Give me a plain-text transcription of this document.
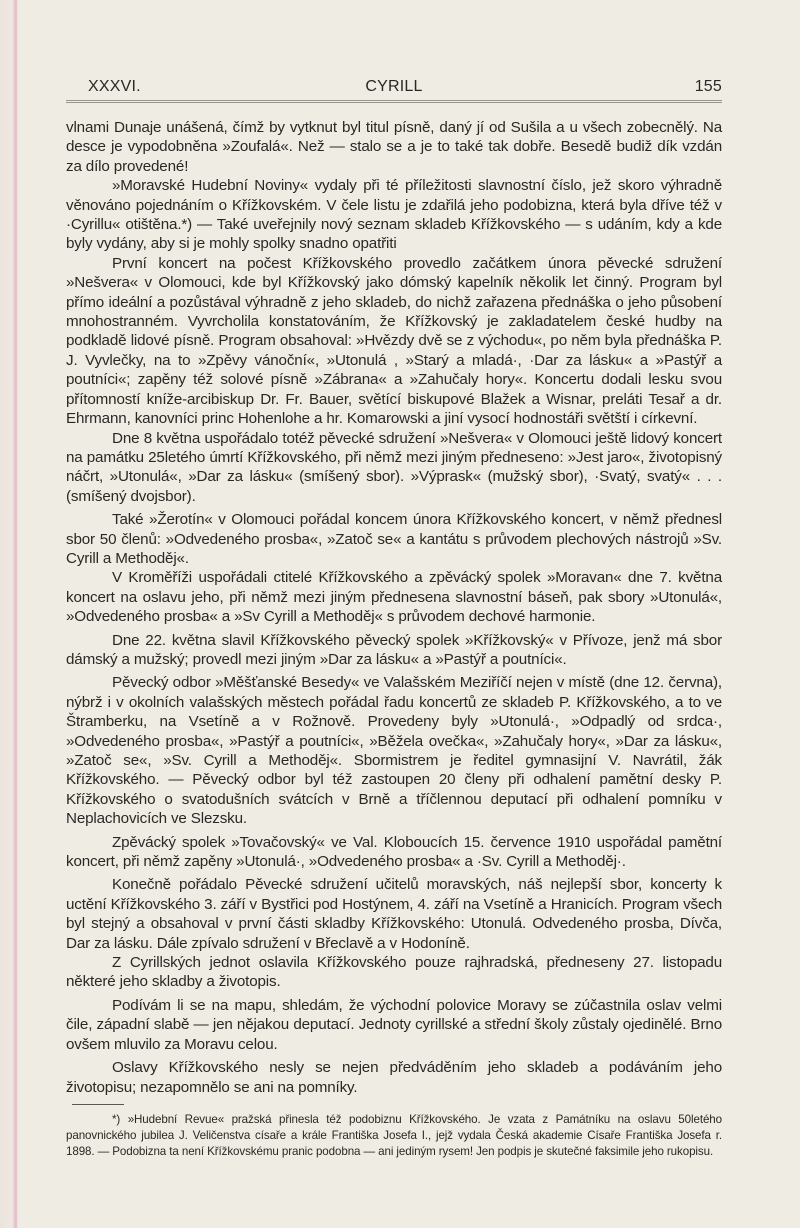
XXXVI.	CYRILL	155

vlnami Dunaje unášená, čímž by vytknut byl titul písně, daný jí od Sušila a u všech zobecnělý. Na desce je vypodobněna »Zoufalá«. Než — stalo se a je to také tak dobře. Besedě budiž dík vzdán za dílo provedené!

»Moravské Hudební Noviny« vydaly při té příležitosti slavnostní číslo, jež skoro výhradně věnováno pojednáním o Křížkovském. V čele listu je zdařilá jeho podobizna, která byla dříve též v ·Cyrillu« otištěna.*) — Také uveřejnily nový seznam skladeb Křížkovského — s udáním, kdy a kde byly vydány, aby si je mohly spolky snadno opatřiti

První koncert na počest Křížkovského provedlo začátkem února pěvecké sdružení »Nešvera« v Olomouci, kde byl Křížkovský jako dómský kapelník několik let činný. Program byl přímo ideální a pozůstával výhradně z jeho skladeb, do nichž zařazena přednáška o jeho působení mnohostranném. Vyvrcholila konstatováním, že Křížkovský je zakladatelem české hudby na podkladě lidové písně. Program obsahoval: »Hvězdy dvě se z východu«, po něm byla přednáška P. J. Vyvlečky, na to »Zpěvy vánoční«, »Utonulá , »Starý a mladá·, ·Dar za lásku« a »Pastýř a poutníci«; zapěny též solové písně »Zábrana« a »Zahučaly hory«. Koncertu dodali lesku svou přítomností kníže-arcibiskup Dr. Fr. Bauer, světící biskupové Blažek a Wisnar, preláti Tesař a dr. Ehrmann, kanovníci princ Hohenlohe a hr. Komarowski a jiní vysocí hodnostáři světští i církevní.

Dne 8 května uspořádalo totéž pěvecké sdružení »Nešvera« v Olomouci ještě lidový koncert na památku 25letého úmrtí Křížkovského, při němž mezi jiným předneseno: »Jest jaro«, životopisný náčrt, »Utonulá«, »Dar za lásku« (smíšený sbor). »Výprask« (mužský sbor), ·Svatý, svatý« . . . (smíšený dvojsbor).

Také »Žerotín« v Olomouci pořádal koncem února Křížkovského koncert, v němž přednesl sbor 50 členů: »Odvedeného prosba«, »Zatoč se« a kantátu s průvodem plechových nástrojů »Sv. Cyrill a Methoděj«.

V Kroměříži uspořádali ctitelé Křížkovského a zpěvácký spolek »Moravan« dne 7. května koncert na oslavu jeho, při němž mezi jiným přednesena slavnostní báseň, pak sbory »Utonulá«, »Odvedeného prosba« a »Sv Cyrill a Methoděj« s průvodem dechové harmonie.

Dne 22. května slavil Křížkovského pěvecký spolek »Křížkovský« v Přívoze, jenž má sbor dámský a mužský; provedl mezi jiným »Dar za lásku« a »Pastýř a poutníci«.

Pěvecký odbor »Měšťanské Besedy« ve Valašském Meziříčí nejen v místě (dne 12. června), nýbrž i v okolních valašských městech pořádal řadu koncertů ze skladeb P. Křížkovského, a to ve Štramberku, na Vsetíně a v Rožnově. Provedeny byly »Utonulá·, »Odpadlý od srdca·, »Odvedeného prosba«, »Pastýř a poutníci«, »Běžela ovečka«, »Zahučaly hory«, »Dar za lásku«, »Zatoč se«, »Sv. Cyrill a Methoděj«. Sbormistrem je ředitel gymnasijní V. Navrátil, žák Křížkovského. — Pěvecký odbor byl též zastoupen 20 členy při odhalení pamětní desky P. Křížkovského o svatodušních svátcích v Brně a tříčlennou deputací při odhalení pomníku v Neplachovicích ve Slezsku.

Zpěvácký spolek »Tovačovský« ve Val. Kloboucích 15. července 1910 uspořádal pamětní koncert, při němž zapěny »Utonulá·, »Odvedeného prosba« a ·Sv. Cyrill a Methoděj·.

Konečně pořádalo Pěvecké sdružení učitelů moravských, náš nejlepší sbor, koncerty k uctění Křížkovského 3. září v Bystřici pod Hostýnem, 4. září na Vsetíně a Hranicích. Program všech byl stejný a obsahoval v první části skladby Křížkovského: Utonulá. Odvedeného prosba, Dívča, Dar za lásku. Dále zpívalo sdružení v Břeclavě a v Hodoníně.

Z Cyrillských jednot oslavila Křížkovského pouze rajhradská, předneseny 27. listopadu některé jeho skladby a životopis.

Podívám li se na mapu, shledám, že východní polovice Moravy se zúčastnila oslav velmi čile, západní slabě — jen nějakou deputací. Jednoty cyrillské a střední školy zůstaly ojedinělé. Brno ovšem mluvilo za Moravu celou.

Oslavy Křížkovského nesly se nejen předváděním jeho skladeb a podáváním jeho životopisu; nezapomnělo se ani na pomníky.

*) »Hudební Revue« pražská přinesla též podobiznu Křížkovského. Je vzata z Památníku na oslavu 50letého panovnického jubilea J. Veličenstva císaře a krále Františka Josefa I., jejž vydala Česká akademie Císaře Františka Josefa r. 1898. — Podobizna ta není Křížkovskému pranic podobna — ani jediným rysem! Jen podpis je skutečné faksimile jeho rukopisu.
